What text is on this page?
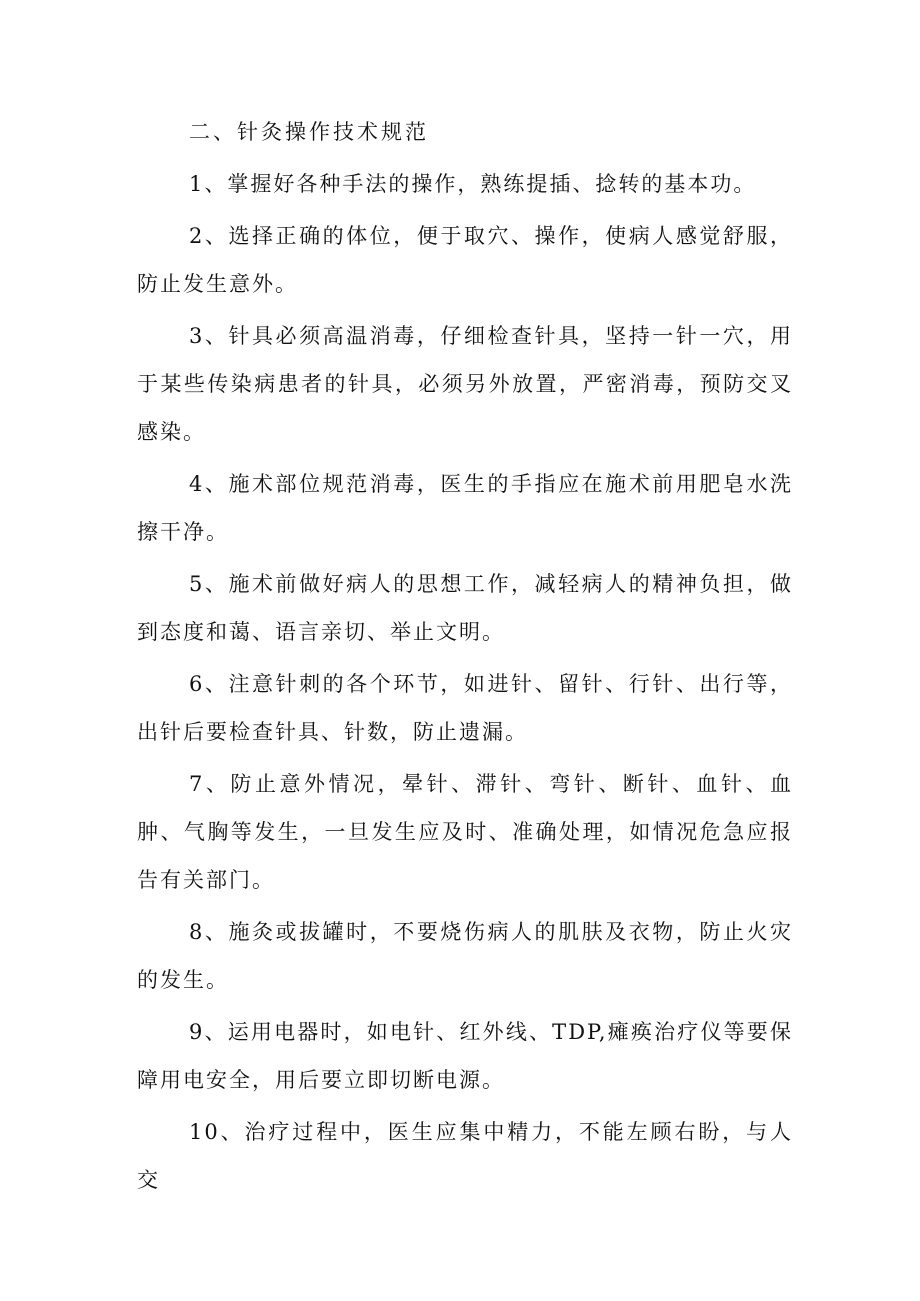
二、针灸操作技术规范

1、掌握好各种手法的操作，熟练提插、捻转的基本功。

2、选择正确的体位，便于取穴、操作，使病人感觉舒服，防止发生意外。

3、针具必须高温消毒，仔细检查针具，坚持一针一穴，用于某些传染病患者的针具，必须另外放置，严密消毒，预防交叉感染。

4、施术部位规范消毒，医生的手指应在施术前用肥皂水洗擦干净。

5、施术前做好病人的思想工作，减轻病人的精神负担，做到态度和蔼、语言亲切、举止文明。

6、注意针刺的各个环节，如进针、留针、行针、出行等，出针后要检查针具、针数，防止遗漏。

7、防止意外情况，晕针、滞针、弯针、断针、血针、血肿、气胸等发生，一旦发生应及时、准确处理，如情况危急应报告有关部门。

8、施灸或拔罐时，不要烧伤病人的肌肤及衣物，防止火灾的发生。

9、运用电器时，如电针、红外线、TDP,瘫痪治疗仪等要保障用电安全，用后要立即切断电源。

10、治疗过程中，医生应集中精力，不能左顾右盼，与人交
